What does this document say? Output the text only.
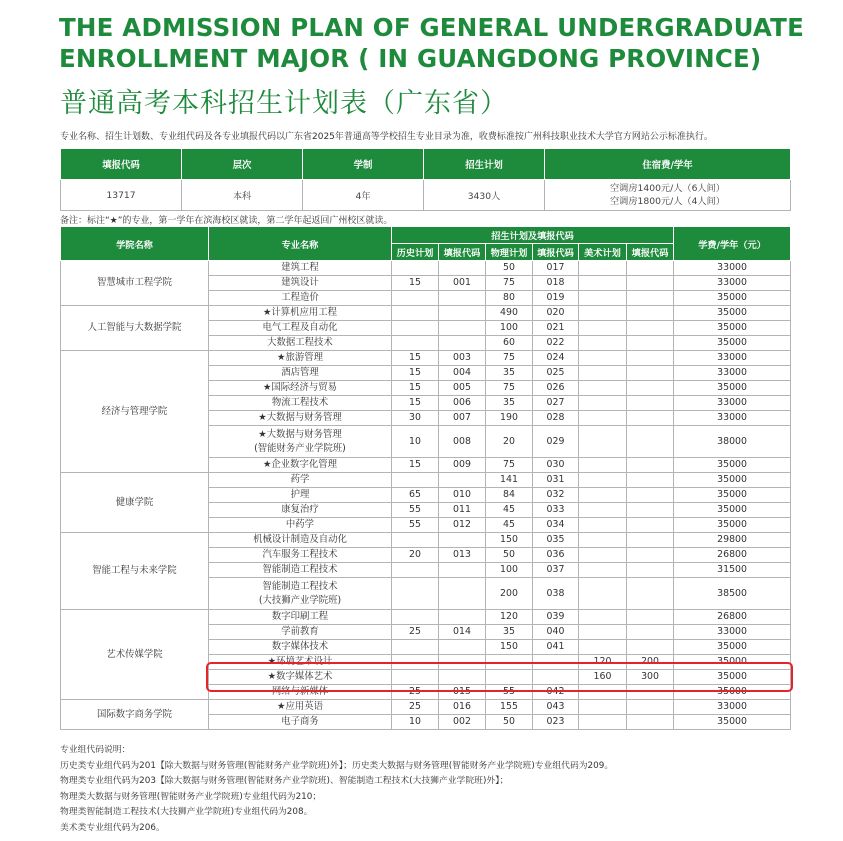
THE ADMISSION PLAN OF GENERAL UNDERGRADUATE ENROLLMENT MAJOR ( IN GUANGDONG PROVINCE)
普通高考本科招生计划表（广东省）
专业名称、招生计划数、专业组代码及各专业填报代码以广东省2025年普通高等学校招生专业目录为准，收费标准按广州科技职业技术大学官方网站公示标准执行。
填报代码	层次	学制	招生计划	住宿费/学年
13717	本科	4年	3430人	空调房1400元/人（6人间）
空调房1800元/人（4人间）
备注：标注“★”的专业，第一学年在滨海校区就读，第二学年起返回广州校区就读。
学院名称	专业名称	招生计划及填报代码						学费/学年（元）
		历史计划	填报代码	物理计划	填报代码	美术计划	填报代码	
智慧城市工程学院	建筑工程			50	017			33000

	建筑设计	15	001	75	018			33000

	工程造价			80	019			35000
人工智能与大数据学院	★计算机应用工程			490	020			35000

	电气工程及自动化			100	021			35000

	大数据工程技术			60	022			35000
经济与管理学院	★旅游管理	15	003	75	024			33000

	酒店管理	15	004	35	025			33000

	★国际经济与贸易	15	005	75	026			35000

	物流工程技术	15	006	35	027			33000

	★大数据与财务管理	30	007	190	028			33000

	★大数据与财务管理
(智能财务产业学院班)	10	008	20	029			38000

	★企业数字化管理	15	009	75	030			35000
健康学院	药学			141	031			35000

	护理	65	010	84	032			35000

	康复治疗	55	011	45	033			35000

	中药学	55	012	45	034			35000
智能工程与未来学院	机械设计制造及自动化			150	035			29800

	汽车服务工程技术	20	013	50	036			26800

	智能制造工程技术			100	037			31500

	智能制造工程技术
(大技狮产业学院班)			200	038			38500
艺术传媒学院	数字印刷工程			120	039			26800

	学前教育	25	014	35	040			33000

	数字媒体技术			150	041			35000

	★环境艺术设计					120	200	35000

	★数字媒体艺术					160	300	35000

	网络与新媒体	25	015	55	042			35000
国际数字商务学院	★应用英语	25	016	155	043			33000

	电子商务	10	002	50	023			35000
专业组代码说明：
历史类专业组代码为201【除大数据与财务管理(智能财务产业学院班)外】；历史类大数据与财务管理(智能财务产业学院班)专业组代码为209。
物理类专业组代码为203【除大数据与财务管理(智能财务产业学院班)、智能制造工程技术(大技狮产业学院班)外】；
物理类大数据与财务管理(智能财务产业学院班)专业组代码为210；
物理类智能制造工程技术(大技狮产业学院班)专业组代码为208。
美术类专业组代码为206。
